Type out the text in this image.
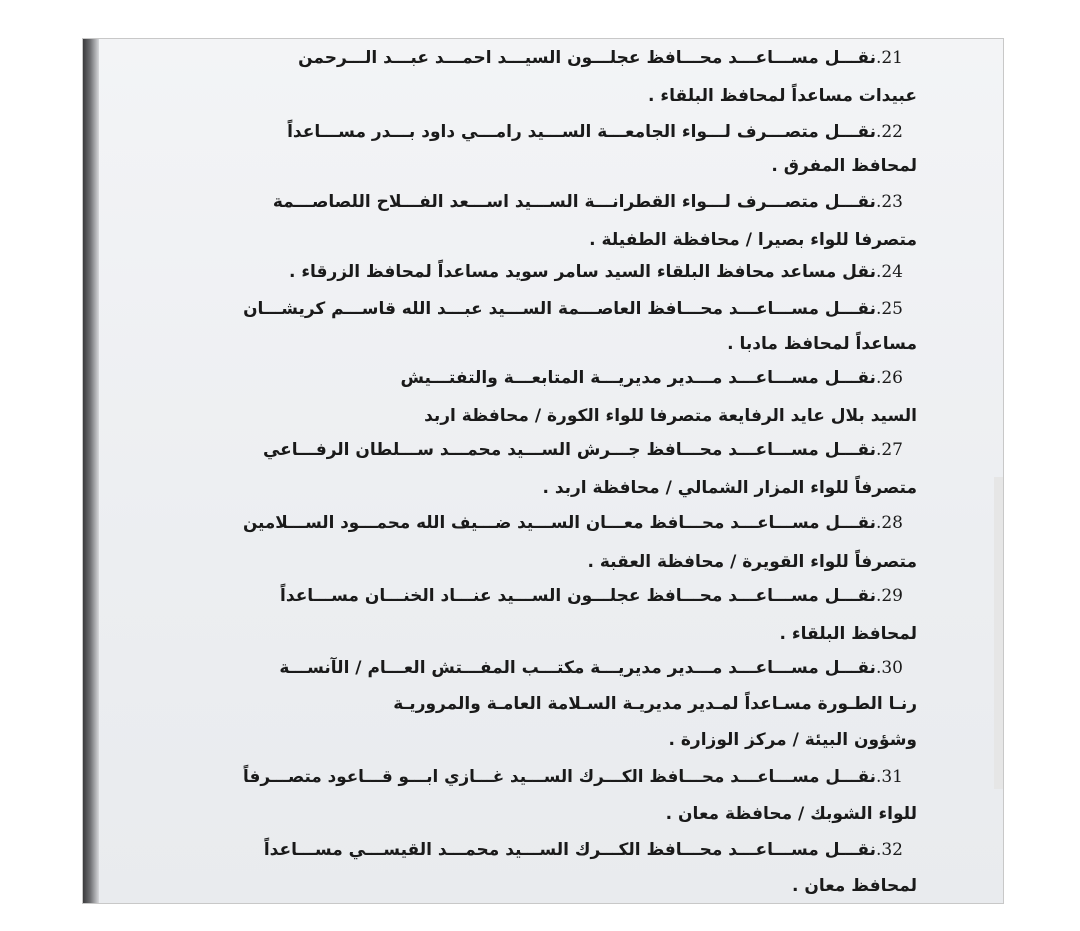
21.نقـــل مســـاعـــد محـــافظ عجلـــون السيـــد احمـــد عبـــد الـــرحمن
عبيدات مساعداً لمحافظ البلقاء .
22.نقـــل متصـــرف لـــواء الجامعـــة الســـيد رامـــي داود بـــدر مســـاعداً
لمحافظ المفرق .
23.نقـــل متصـــرف لـــواء القطرانـــة الســـيد اســـعد الفـــلاح اللصاصـــمة
متصرفا للواء بصيرا / محافظة الطفيلة .
24.نقل مساعد محافظ البلقاء السيد سامر سويد مساعداً لمحافظ الزرقاء .
25.نقـــل مســـاعـــد محـــافظ العاصـــمة الســـيد عبـــد الله قاســـم كريشـــان
مساعداً لمحافظ مادبا .
26.نقـــل مســـاعـــد مـــدير مديريـــة المتابعـــة والتفتـــيش
السيد بلال عايد الرفايعة متصرفا للواء الكورة / محافظة اربد
27.نقـــل مســـاعـــد محـــافظ جـــرش الســـيد محمـــد ســـلطان الرفـــاعي
متصرفاً للواء المزار الشمالي / محافظة اربد .
28.نقـــل مســـاعـــد محـــافظ معـــان الســـيد ضـــيف الله محمـــود الســـلامين
متصرفاً للواء القويرة / محافظة العقبة .
29.نقـــل مســـاعـــد محـــافظ عجلـــون الســـيد عنـــاد الخنـــان مســـاعداً
لمحافظ البلقاء .
30.نقـــل مســـاعـــد مـــدير مديريـــة مكتـــب المفـــتش العـــام / الآنســـة
رنـا الطـورة مسـاعداً لمـدير مديريـة السـلامة العامـة والمروريـة
وشؤون البيئة / مركز الوزارة .
31.نقـــل مســـاعـــد محـــافظ الكـــرك الســـيد غـــازي ابـــو قـــاعود متصـــرفاً
للواء الشوبك / محافظة معان .
32.نقـــل مســـاعـــد محـــافظ الكـــرك الســـيد محمـــد القيســـي مســـاعداً
لمحافظ معان .
